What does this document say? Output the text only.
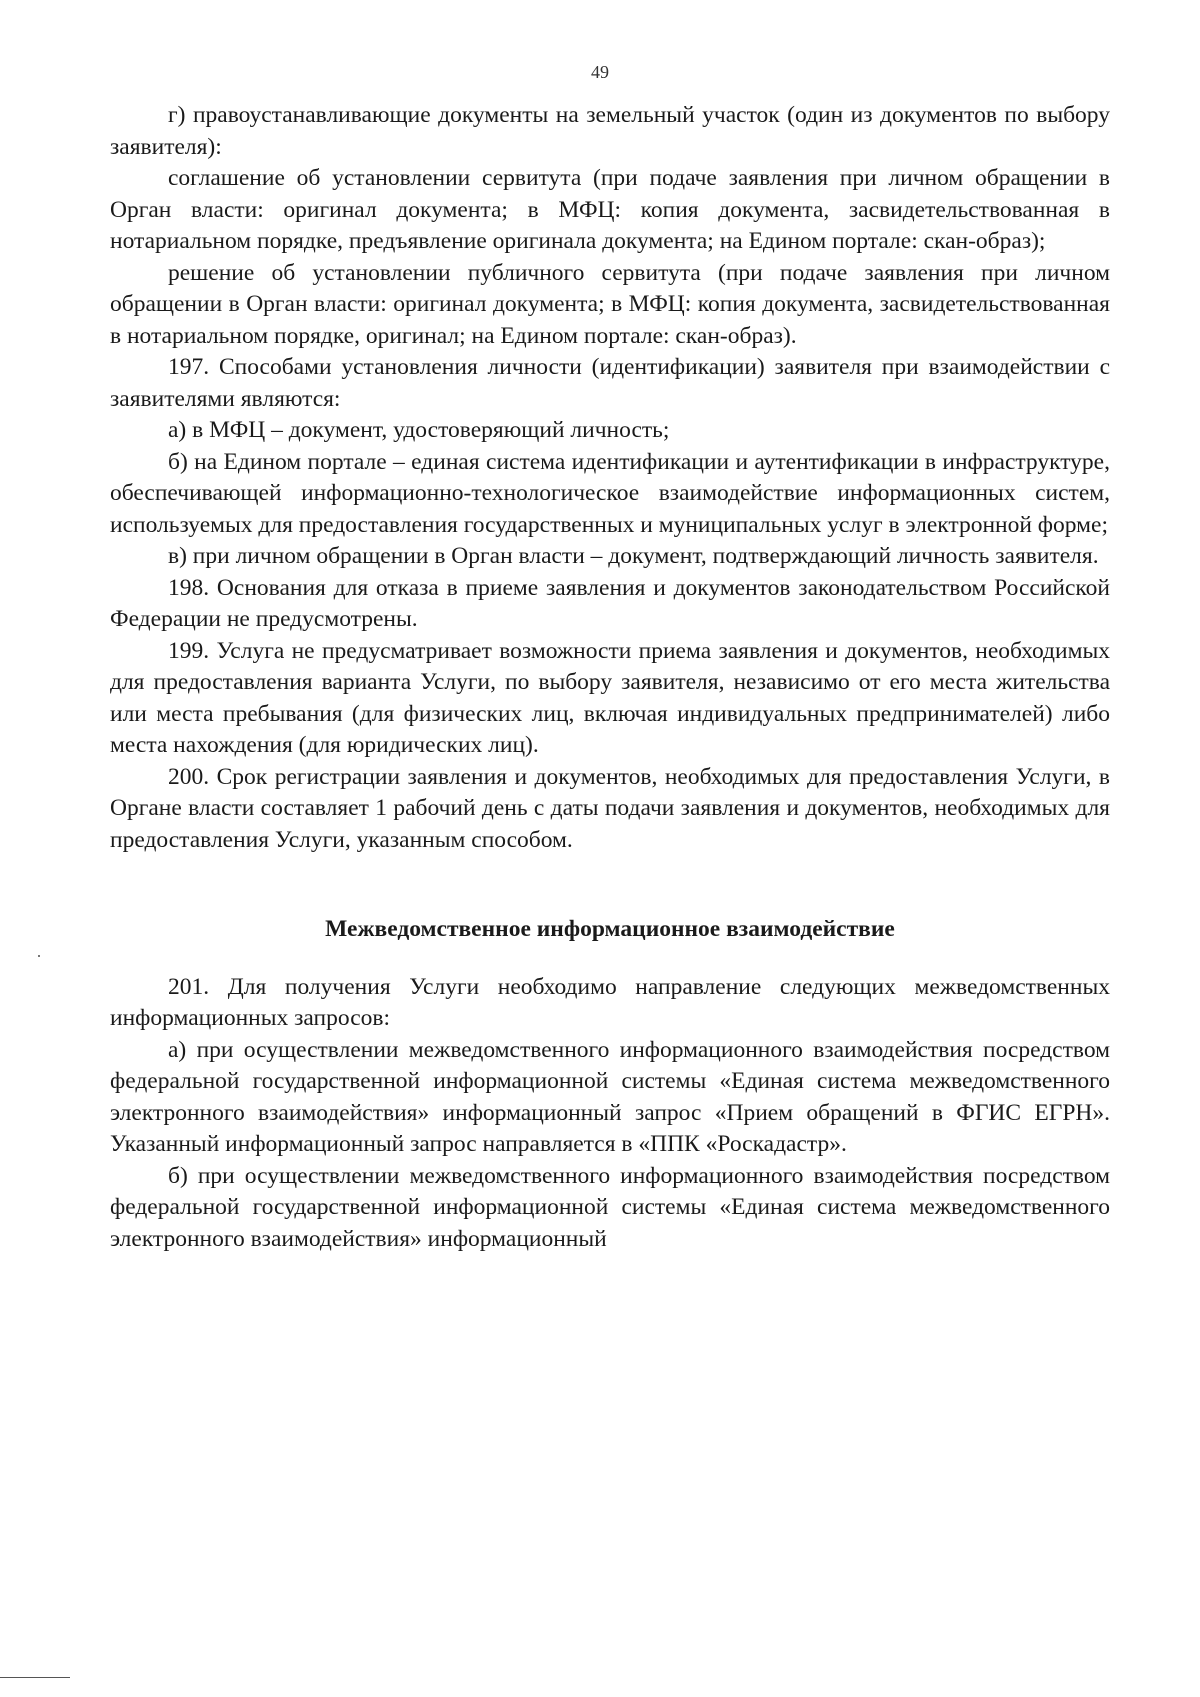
49

г) правоустанавливающие документы на земельный участок (один из документов по выбору заявителя):

соглашение об установлении сервитута (при подаче заявления при личном обращении в Орган власти: оригинал документа; в МФЦ: копия документа, засвидетельствованная в нотариальном порядке, предъявление оригинала документа; на Едином портале: скан-образ);

решение об установлении публичного сервитута (при подаче заявления при личном обращении в Орган власти: оригинал документа; в МФЦ: копия документа, засвидетельствованная в нотариальном порядке, оригинал; на Едином портале: скан-образ).

197. Способами установления личности (идентификации) заявителя при взаимодействии с заявителями являются:

а) в МФЦ – документ, удостоверяющий личность;

б) на Едином портале – единая система идентификации и аутентификации в инфраструктуре, обеспечивающей информационно-технологическое взаимодействие информационных систем, используемых для предоставления государственных и муниципальных услуг в электронной форме;

в) при личном обращении в Орган власти – документ, подтверждающий личность заявителя.

198. Основания для отказа в приеме заявления и документов законодательством Российской Федерации не предусмотрены.

199. Услуга не предусматривает возможности приема заявления и документов, необходимых для предоставления варианта Услуги, по выбору заявителя, независимо от его места жительства или места пребывания (для физических лиц, включая индивидуальных предпринимателей) либо места нахождения (для юридических лиц).

200. Срок регистрации заявления и документов, необходимых для предоставления Услуги, в Органе власти составляет 1 рабочий день с даты подачи заявления и документов, необходимых для предоставления Услуги, указанным способом.

Межведомственное информационное взаимодействие

201. Для получения Услуги необходимо направление следующих межведомственных информационных запросов:

а) при осуществлении межведомственного информационного взаимодействия посредством федеральной государственной информационной системы «Единая система межведомственного электронного взаимодействия» информационный запрос «Прием обращений в ФГИС ЕГРН». Указанный информационный запрос направляется в «ППК «Роскадастр».

б) при осуществлении межведомственного информационного взаимодействия посредством федеральной государственной информационной системы «Единая система межведомственного электронного взаимодействия» информационный
